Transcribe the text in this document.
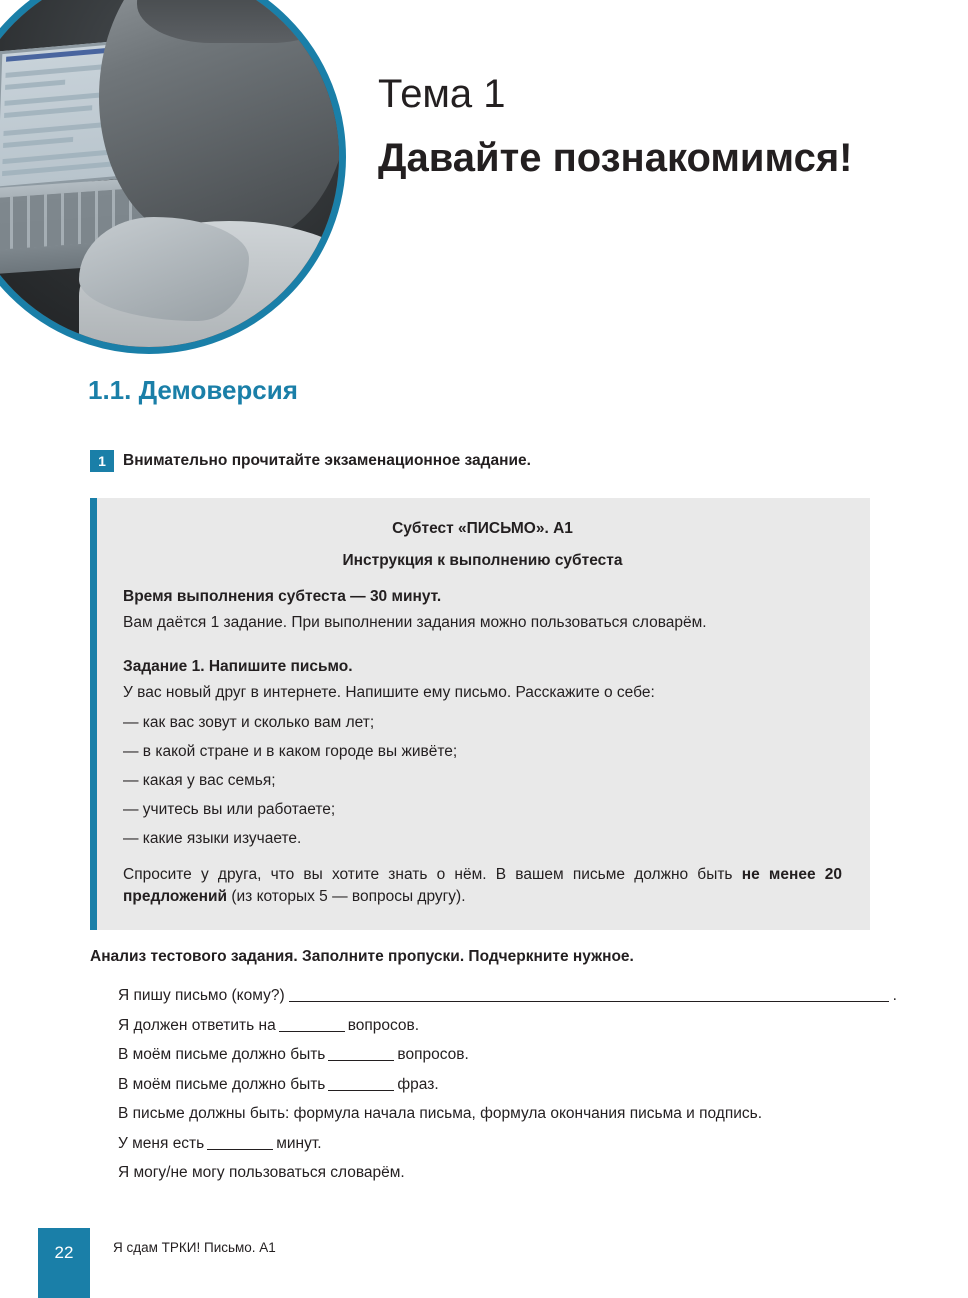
Тема 1
Давайте познакомимся!
1.1. Демоверсия
1	Внимательно прочитайте экзаменационное задание.
Субтест «ПИСЬМО». А1
Инструкция к выполнению субтеста
Время выполнения субтеста — 30 минут.
Вам даётся 1 задание. При выполнении задания можно пользоваться словарём.
Задание 1. Напишите письмо.
У вас новый друг в интернете. Напишите ему письмо. Расскажите о себе:
— как вас зовут и сколько вам лет;
— в какой стране и в каком городе вы живёте;
— какая у вас семья;
— учитесь вы или работаете;
— какие языки изучаете.
Спросите у друга, что вы хотите знать о нём. В вашем письме должно быть не менее 20 предложений (из которых 5 — вопросы другу).
Анализ тестового задания. Заполните пропуски. Подчеркните нужное.
Я пишу письмо (кому?)	.
Я должен ответить на	вопросов.
В моём письме должно быть	вопросов.
В моём письме должно быть	фраз.
В письме должны быть: формула начала письма, формула окончания письма и подпись.
У меня есть	минут.
Я могу/не могу пользоваться словарём.
22	Я сдам ТРКИ! Письмо. А1
